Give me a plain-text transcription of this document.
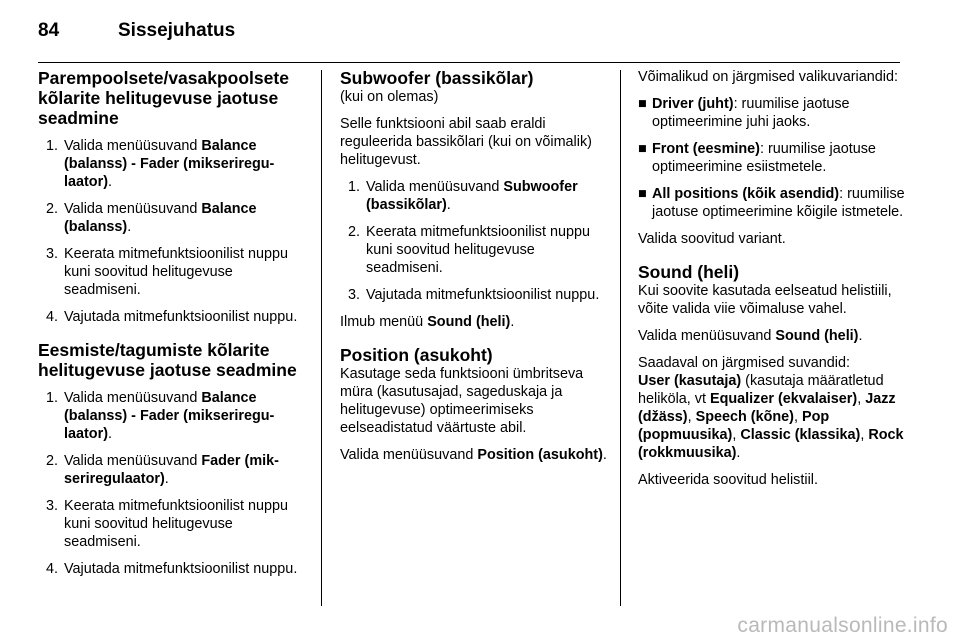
84	Sissejuhatus
Parempoolsete/vasakpoolsete kõlarite helitugevuse jaotuse seadmine
1. Valida menüüsuvand Balance (balanss) - Fader (mikseriregu-laator).
2. Valida menüüsuvand Balance (balanss).
3. Keerata mitmefunktsioonilist nuppu kuni soovitud helitugevuse seadmiseni.
4. Vajutada mitmefunktsioonilist nuppu.
Eesmiste/tagumiste kõlarite helitugevuse jaotuse seadmine
1. Valida menüüsuvand Balance (balanss) - Fader (mikseriregu-laator).
2. Valida menüüsuvand Fader (mik-seriregulaator).
3. Keerata mitmefunktsioonilist nuppu kuni soovitud helitugevuse seadmiseni.
4. Vajutada mitmefunktsioonilist nuppu.
Subwoofer (bassikõlar)

(kui on olemas)

Selle funktsiooni abil saab eraldi reguleerida bassikõlari (kui on võimalik) helitugevust.

1. Valida menüüsuvand Subwoofer (bassikõlar).
2. Keerata mitmefunktsioonilist nuppu kuni soovitud helitugevuse seadmiseni.
3. Vajutada mitmefunktsioonilist nuppu.

Ilmub menüü Sound (heli).

Position (asukoht)

Kasutage seda funktsiooni ümbritseva müra (kasutusajad, sageduskaja ja helitugevuse) optimeerimiseks eelseadistatud väärtuste abil.

Valida menüüsuvand Position (asukoht).

Võimalikud on järgmised valikuvariandid:

■ Driver (juht): ruumilise jaotuse optimeerimine juhi jaoks.
■ Front (eesmine): ruumilise jaotuse optimeerimine esiistmetele.
■ All positions (kõik asendid): ruumilise jaotuse optimeerimine kõigile istmetele.

Valida soovitud variant.

Sound (heli)

Kui soovite kasutada eelseatud helistiili, võite valida viie võimaluse vahel.

Valida menüüsuvand Sound (heli).

Saadaval on järgmised suvandid:
User (kasutaja) (kasutaja määratletud heliköla, vt Equalizer (ekvalaiser), Jazz (džäss), Speech (kõne), Pop (popmuusika), Classic (klassika), Rock (rokkmuusika).

Aktiveerida soovitud helistiil.

carmanualsonline.info
